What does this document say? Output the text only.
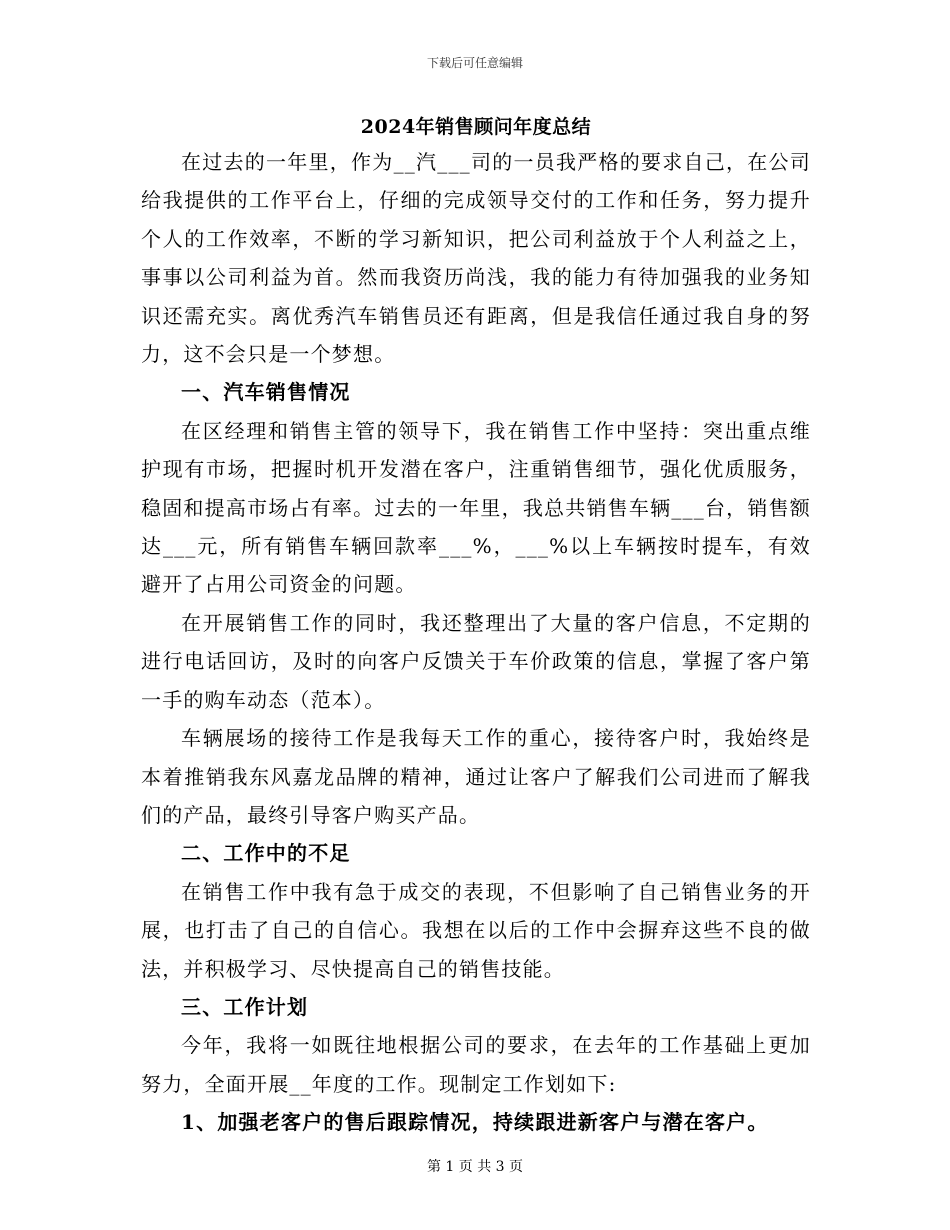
下载后可任意编辑
2024年销售顾问年度总结

在过去的一年里，作为__汽___司的一员我严格的要求自己，在公司给我提供的工作平台上，仔细的完成领导交付的工作和任务，努力提升个人的工作效率，不断的学习新知识，把公司利益放于个人利益之上，事事以公司利益为首。然而我资历尚浅，我的能力有待加强我的业务知识还需充实。离优秀汽车销售员还有距离，但是我信任通过我自身的努力，这不会只是一个梦想。

一、汽车销售情况

在区经理和销售主管的领导下，我在销售工作中坚持：突出重点维护现有市场，把握时机开发潜在客户，注重销售细节，强化优质服务，稳固和提高市场占有率。过去的一年里，我总共销售车辆___台，销售额达___元，所有销售车辆回款率___%，___%以上车辆按时提车，有效避开了占用公司资金的问题。

在开展销售工作的同时，我还整理出了大量的客户信息，不定期的进行电话回访，及时的向客户反馈关于车价政策的信息，掌握了客户第一手的购车动态（范本）。

车辆展场的接待工作是我每天工作的重心，接待客户时，我始终是本着推销我东风嘉龙品牌的精神，通过让客户了解我们公司进而了解我们的产品，最终引导客户购买产品。

二、工作中的不足

在销售工作中我有急于成交的表现，不但影响了自己销售业务的开展，也打击了自己的自信心。我想在以后的工作中会摒弃这些不良的做法，并积极学习、尽快提高自己的销售技能。

三、工作计划

今年，我将一如既往地根据公司的要求，在去年的工作基础上更加努力，全面开展__年度的工作。现制定工作划如下:

1、加强老客户的售后跟踪情况，持续跟进新客户与潜在客户。

第 1 页 共 3 页
